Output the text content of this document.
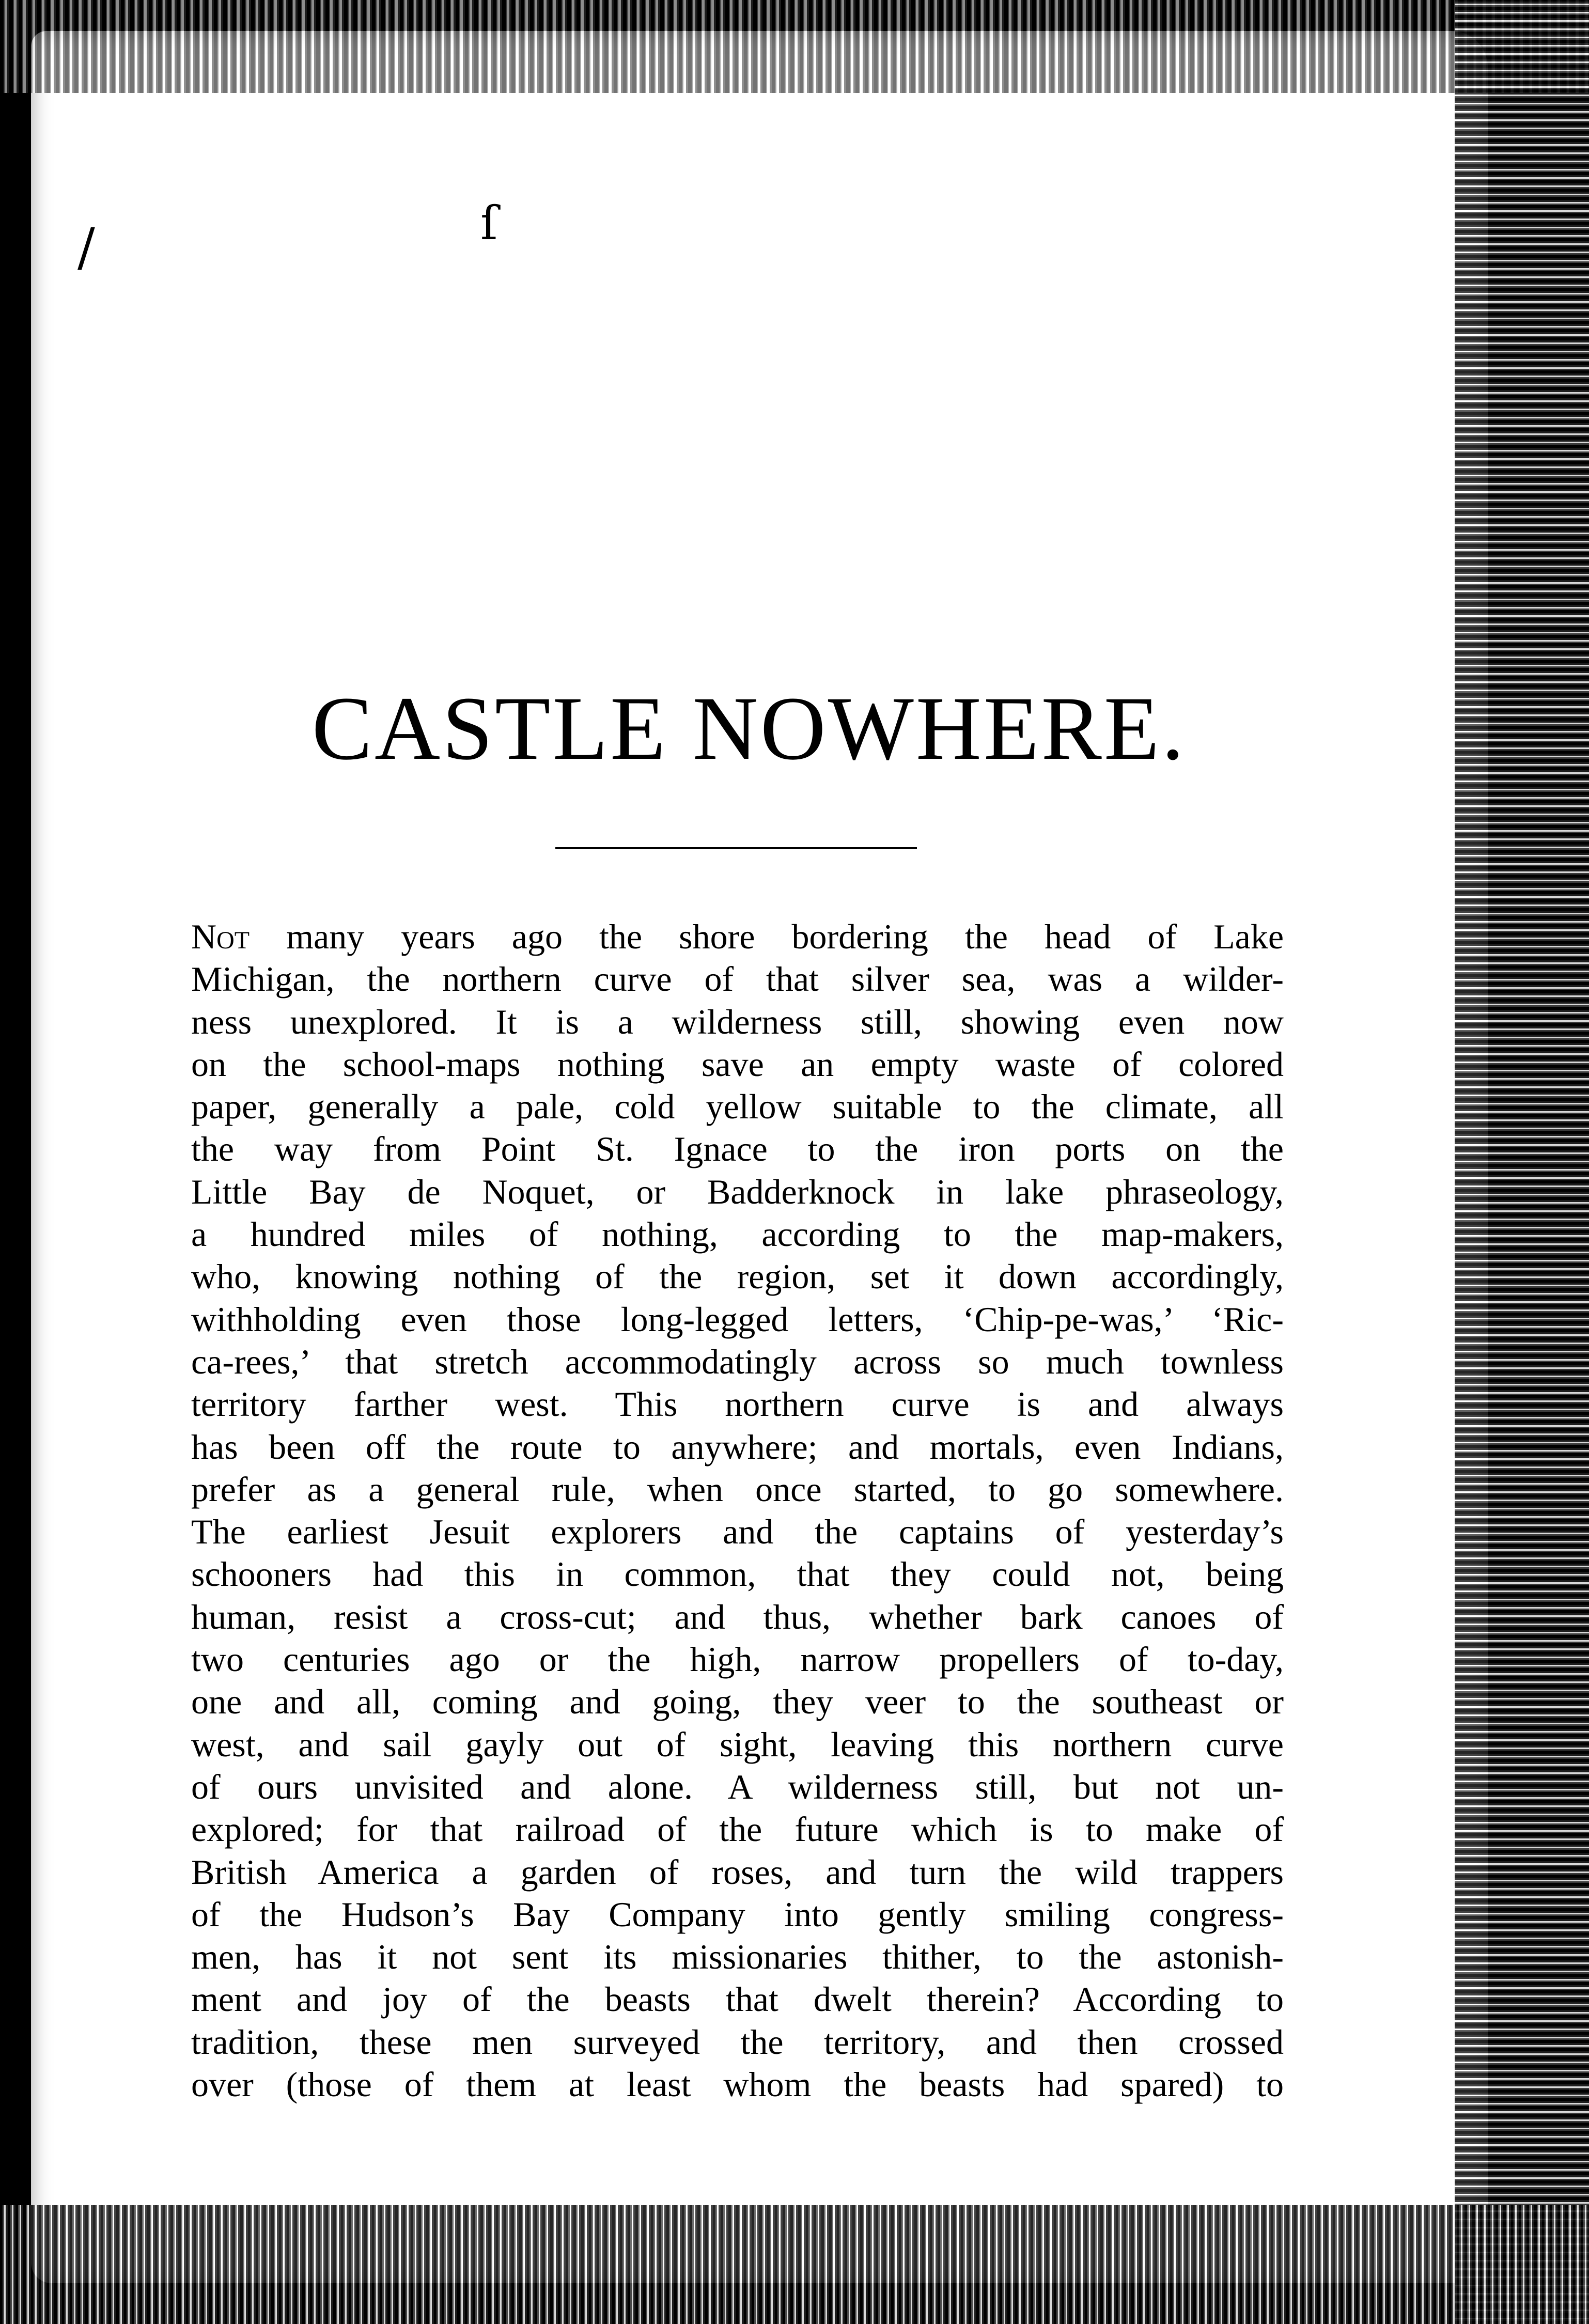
/	ſ
CASTLE NOWHERE.
Not many years ago the shore bordering the head of Lake
Michigan, the northern curve of that silver sea, was a wilder-
ness unexplored. It is a wilderness still, showing even now
on the school-maps nothing save an empty waste of colored
paper, generally a pale, cold yellow suitable to the climate, all
the way from Point St. Ignace to the iron ports on the
Little Bay de Noquet, or Badderknock in lake phraseology,
a hundred miles of nothing, according to the map-makers,
who, knowing nothing of the region, set it down accordingly,
withholding even those long-legged letters, ‘Chip-pe-was,’ ‘Ric-
ca-rees,’ that stretch accommodatingly across so much townless
territory farther west. This northern curve is and always
has been off the route to anywhere; and mortals, even Indians,
prefer as a general rule, when once started, to go somewhere.
The earliest Jesuit explorers and the captains of yesterday’s
schooners had this in common, that they could not, being
human, resist a cross-cut; and thus, whether bark canoes of
two centuries ago or the high, narrow propellers of to-day,
one and all, coming and going, they veer to the southeast or
west, and sail gayly out of sight, leaving this northern curve
of ours unvisited and alone. A wilderness still, but not un-
explored; for that railroad of the future which is to make of
British America a garden of roses, and turn the wild trappers
of the Hudson’s Bay Company into gently smiling congress-
men, has it not sent its missionaries thither, to the astonish-
ment and joy of the beasts that dwelt therein? According to
tradition, these men surveyed the territory, and then crossed
over (those of them at least whom the beasts had spared) to
